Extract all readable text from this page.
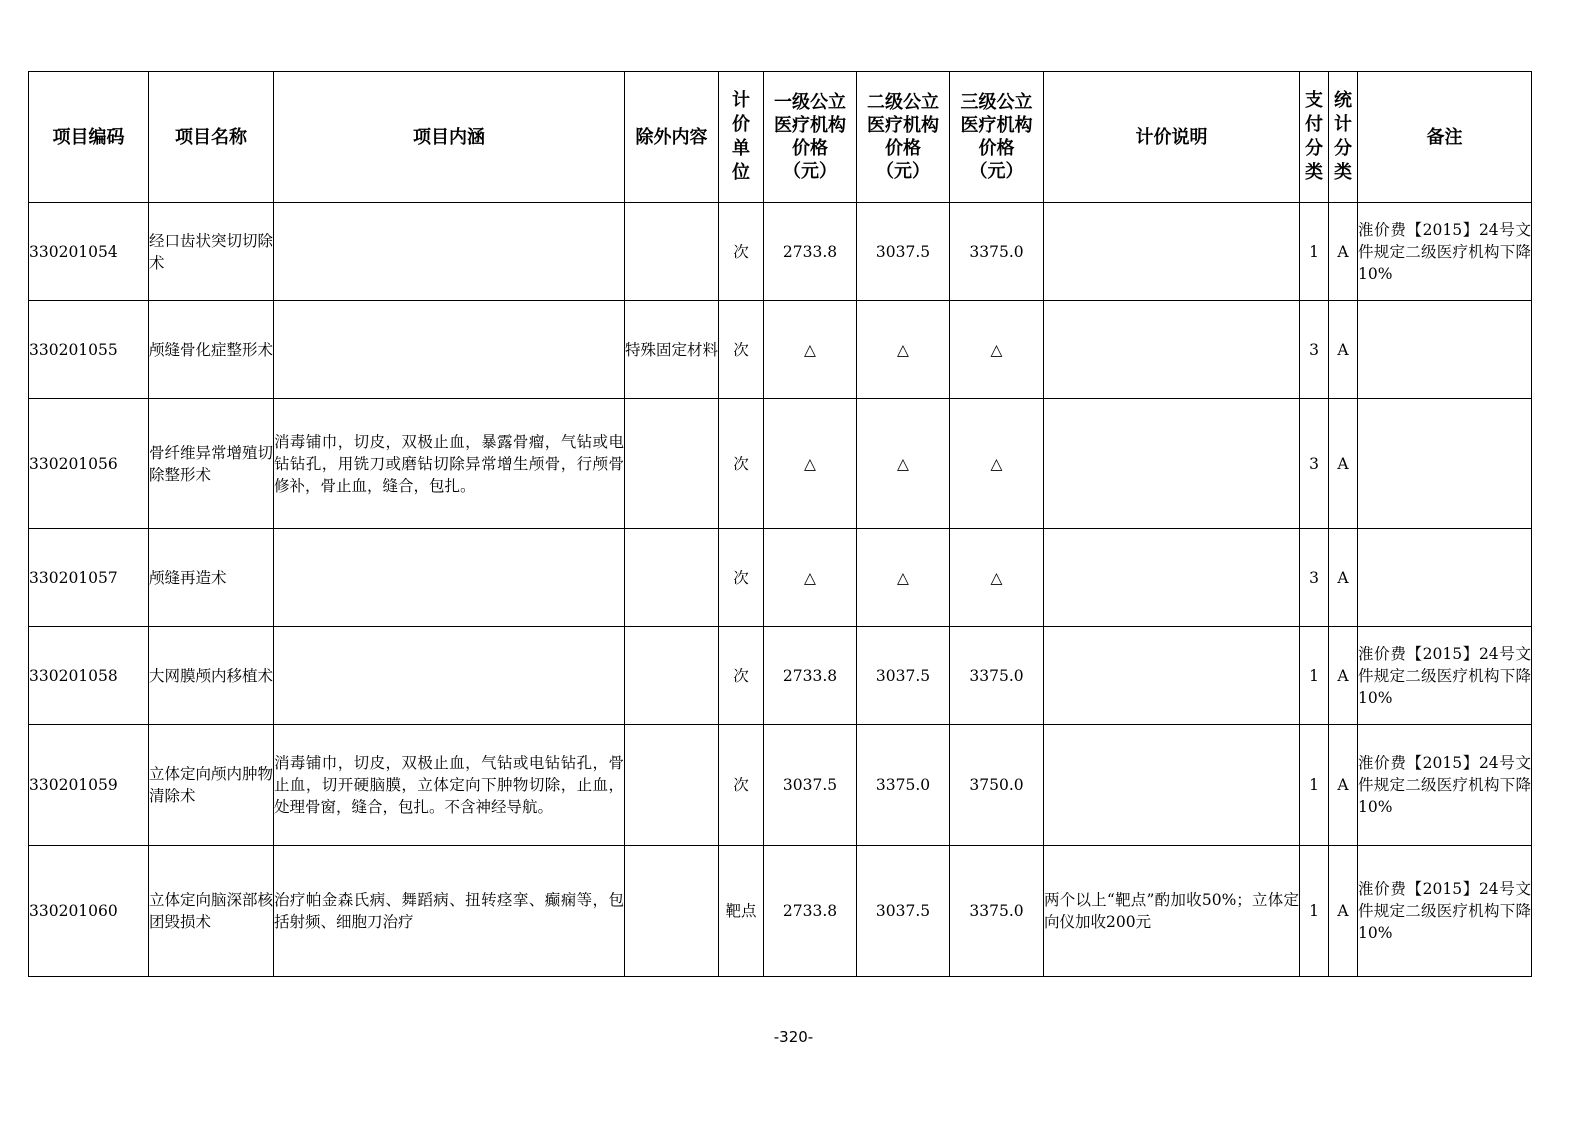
项目编码	项目名称	项目内涵	除外内容	计价单位	一级公立医疗机构价格（元）	二级公立医疗机构价格（元）	三级公立医疗机构价格（元）	计价说明	支付分类	统计分类	备注
330201054	经口齿状突切切除术			次	2733.8	3037.5	3375.0		1	A	淮价费【2015】24号文件规定二级医疗机构下降10%
330201055	颅缝骨化症整形术		特殊固定材料	次	△	△	△		3	A	
330201056	骨纤维异常增殖切除整形术	消毒铺巾，切皮，双极止血，暴露骨瘤，气钻或电钻钻孔，用铣刀或磨钻切除异常增生颅骨，行颅骨修补，骨止血，缝合，包扎。		次	△	△	△		3	A	
330201057	颅缝再造术			次	△	△	△		3	A	
330201058	大网膜颅内移植术			次	2733.8	3037.5	3375.0		1	A	淮价费【2015】24号文件规定二级医疗机构下降10%
330201059	立体定向颅内肿物清除术	消毒铺巾，切皮，双极止血，气钻或电钻钻孔，骨止血，切开硬脑膜，立体定向下肿物切除，止血，处理骨窗，缝合，包扎。不含神经导航。		次	3037.5	3375.0	3750.0		1	A	淮价费【2015】24号文件规定二级医疗机构下降10%
330201060	立体定向脑深部核团毁损术	治疗帕金森氏病、舞蹈病、扭转痉挛、癫痫等，包括射频、细胞刀治疗		靶点	2733.8	3037.5	3375.0	两个以上“靶点”酌加收50%；立体定向仪加收200元	1	A	淮价费【2015】24号文件规定二级医疗机构下降10%
-320-
